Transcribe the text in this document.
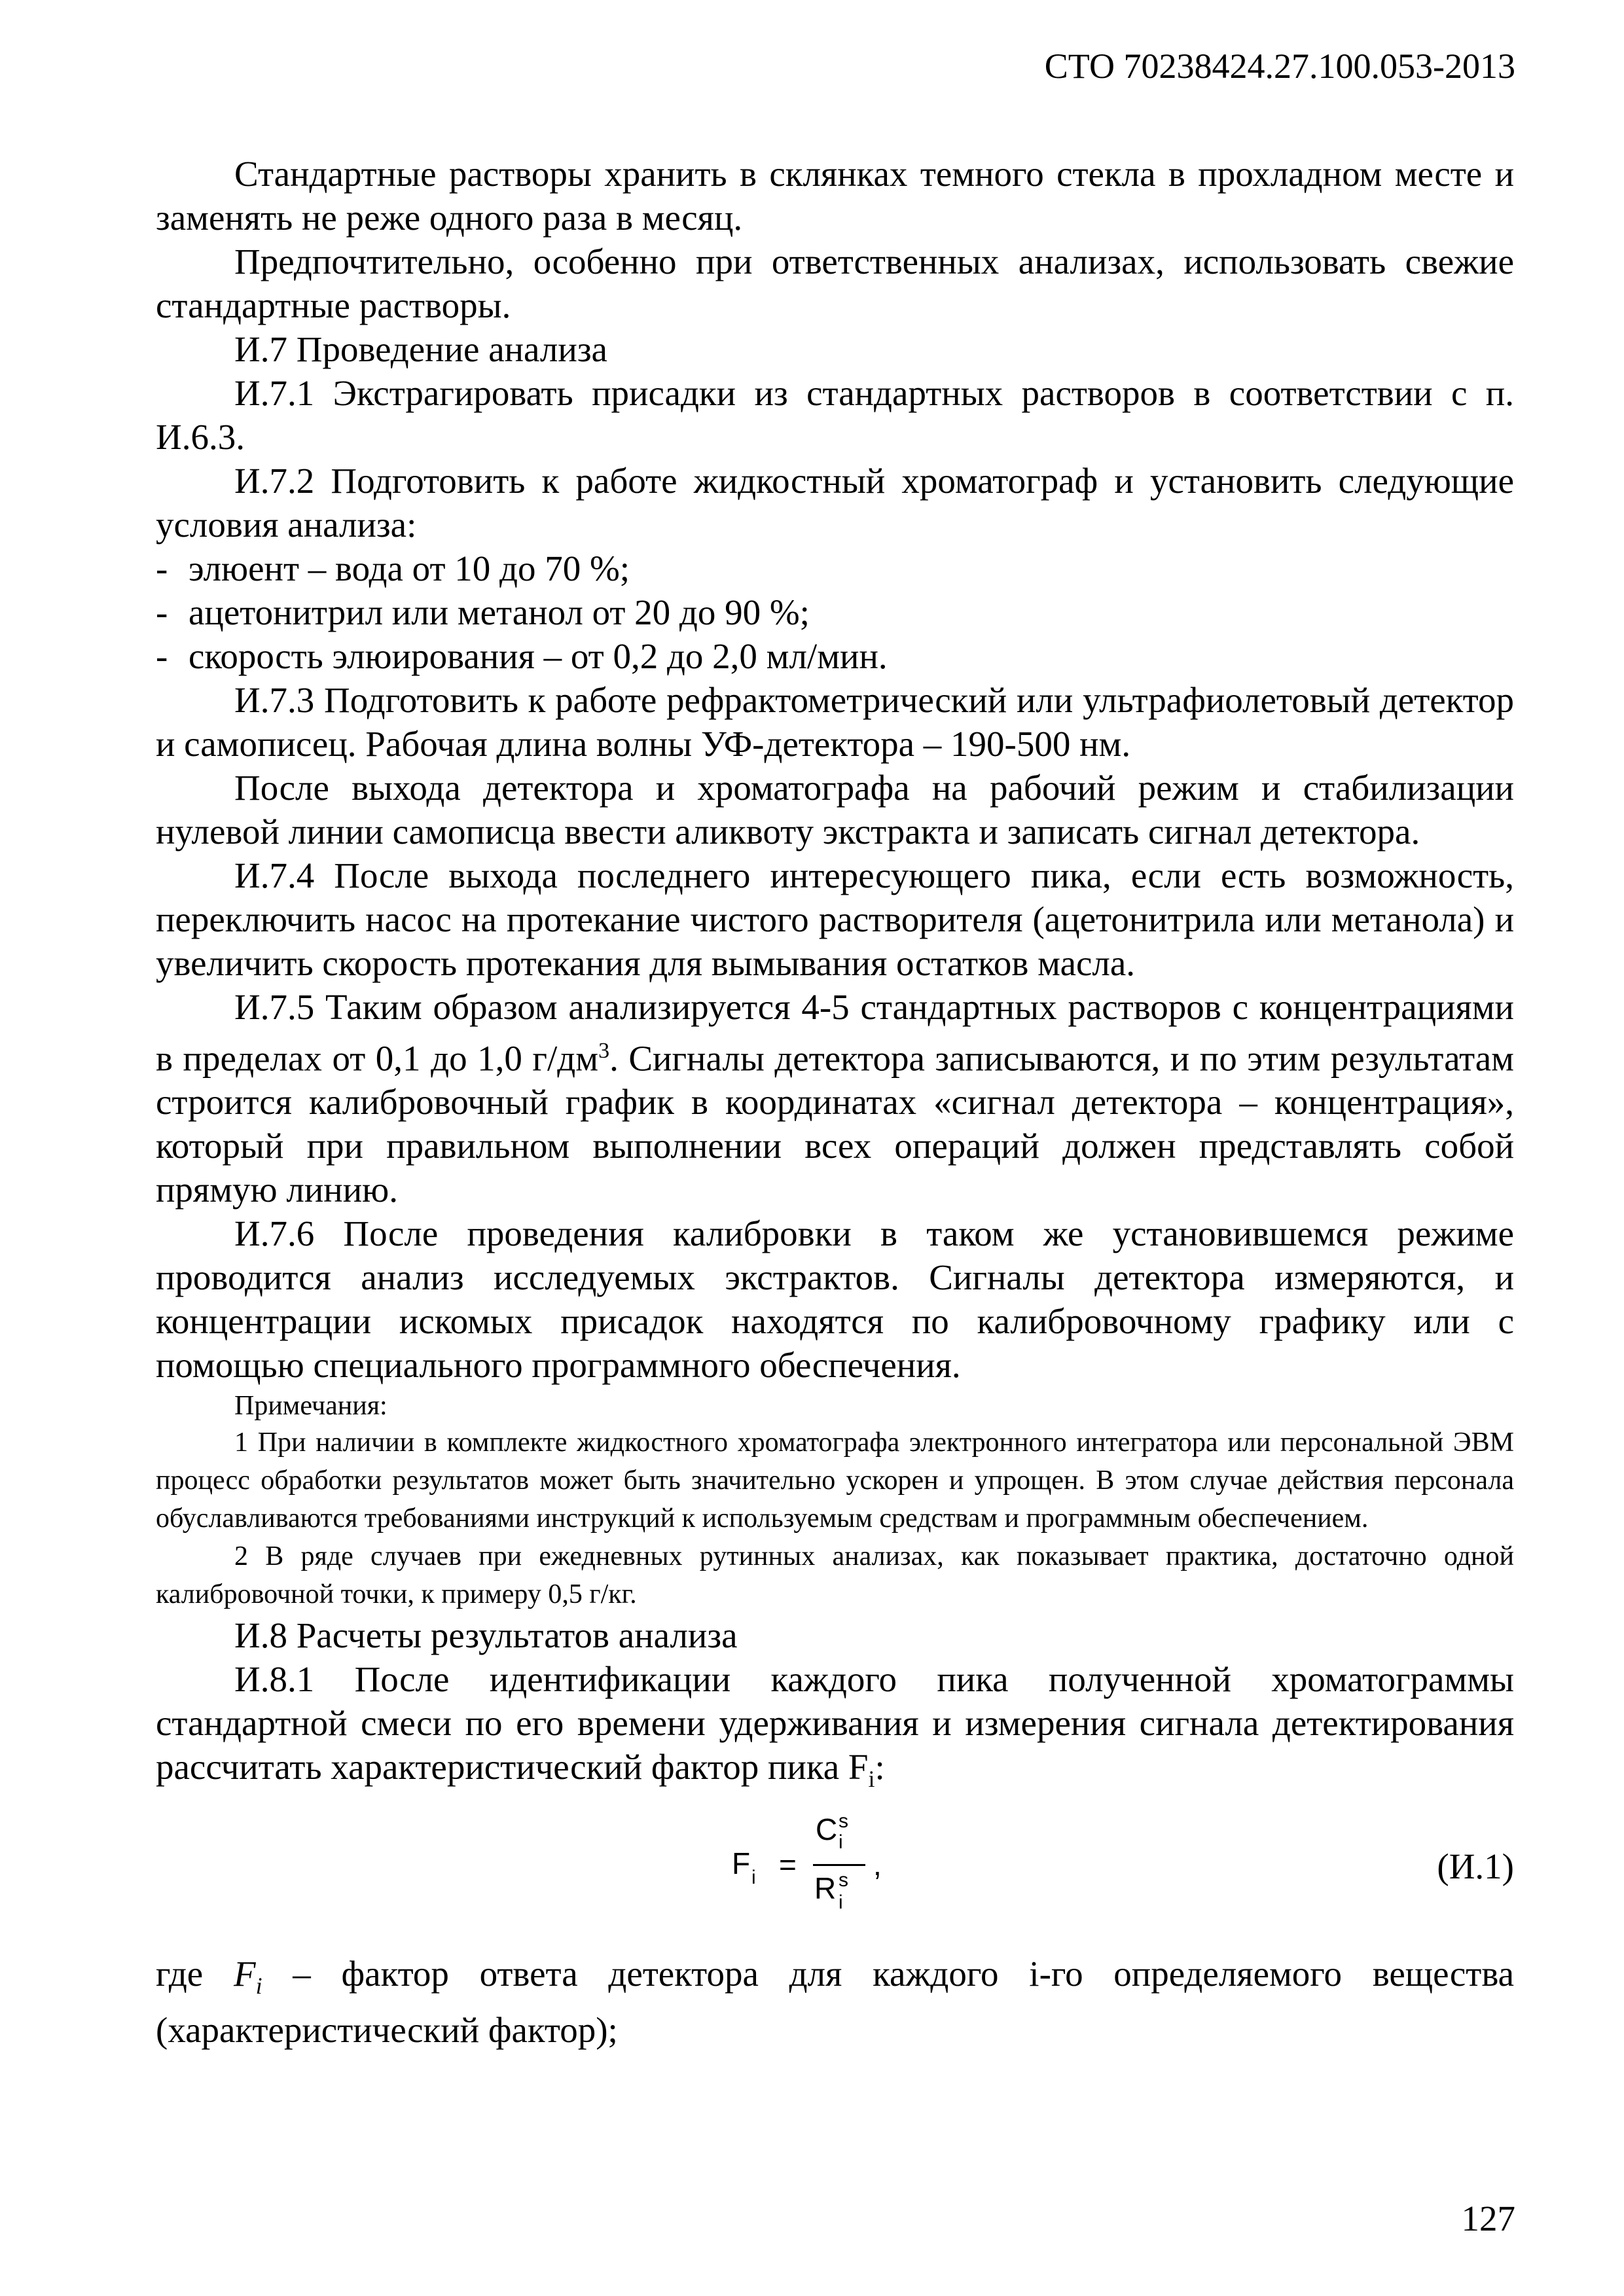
СТО 70238424.27.100.053-2013

Стандартные растворы хранить в склянках темного стекла в прохладном месте и заменять не реже одного раза в месяц.

Предпочтительно, особенно при ответственных анализах, использовать свежие стандартные растворы.

И.7 Проведение анализа

И.7.1 Экстрагировать присадки из стандартных растворов в соответствии с п. И.6.3.

И.7.2 Подготовить к работе жидкостный хроматограф и установить следующие условия анализа:

- элюент – вода от 10 до 70 %;

- ацетонитрил или метанол от 20 до 90 %;

- скорость элюирования – от 0,2 до 2,0 мл/мин.

И.7.3 Подготовить к работе рефрактометрический или ультрафиолетовый детектор и самописец. Рабочая длина волны УФ-детектора – 190-500 нм.

После выхода детектора и хроматографа на рабочий режим и стабилизации нулевой линии самописца ввести аликвоту экстракта и записать сигнал детектора.

И.7.4 После выхода последнего интересующего пика, если есть возможность, переключить насос на протекание чистого растворителя (ацетонитрила или метанола) и увеличить скорость протекания для вымывания остатков масла.

И.7.5 Таким образом анализируется 4-5 стандартных растворов с концентрациями в пределах от 0,1 до 1,0 $г/дм^3$. Сигналы детектора записываются, и по этим результатам строится калибровочный график в координатах «сигнал детектора – концентрация», который при правильном выполнении всех операций должен представлять собой прямую линию.

И.7.6 После проведения калибровки в таком же установившемся режиме проводится анализ исследуемых экстрактов. Сигналы детектора измеряются, и концентрации искомых присадок находятся по калибровочному графику или с помощью специального программного обеспечения.

Примечания:

1 При наличии в комплекте жидкостного хроматографа электронного интегратора или персональной ЭВМ процесс обработки результатов может быть значительно ускорен и упрощен. В этом случае действия персонала обуславливаются требованиями инструкций к используемым средствам и программным обеспечением.

2 В ряде случаев при ежедневных рутинных анализах, как показывает практика, достаточно одной калибровочной точки, к примеру 0,5 г/кг.

И.8 Расчеты результатов анализа

И.8.1 После идентификации каждого пика полученной хроматограммы стандартной смеси по его времени удерживания и измерения сигнала детектирования рассчитать характеристический фактор пика $F_i$:

F i =
C s
i
R s
i
,	(И.1)

где $F_i$ – фактор ответа детектора для каждого i-го определяемого вещества (характеристический фактор);

127
